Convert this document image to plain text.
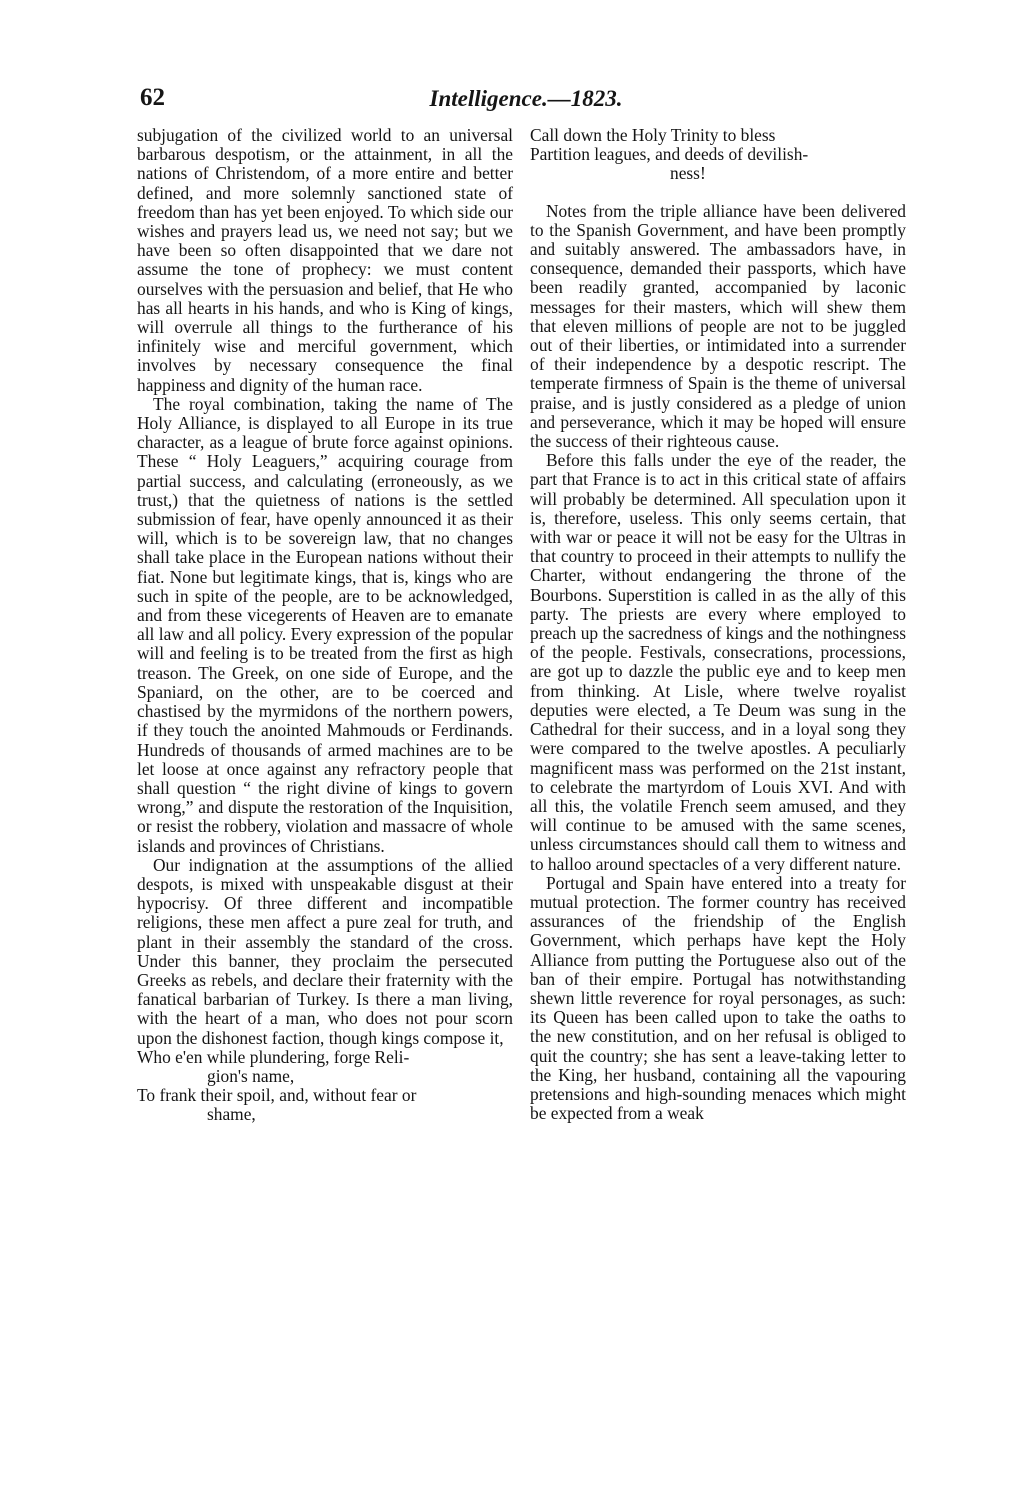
62	Intelligence.—1823.

subjugation of the civilized world to an universal barbarous despotism, or the attainment, in all the nations of Christendom, of a more entire and better defined, and more solemnly sanctioned state of freedom than has yet been enjoyed. To which side our wishes and prayers lead us, we need not say; but we have been so often disappointed that we dare not assume the tone of prophecy: we must content ourselves with the persuasion and belief, that He who has all hearts in his hands, and who is King of kings, will overrule all things to the furtherance of his infinitely wise and merciful government, which involves by necessary consequence the final happiness and dignity of the human race.

The royal combination, taking the name of The Holy Alliance, is displayed to all Europe in its true character, as a league of brute force against opinions. These “ Holy Leaguers,” acquiring courage from partial success, and calculating (erroneously, as we trust,) that the quietness of nations is the settled submission of fear, have openly announced it as their will, which is to be sovereign law, that no changes shall take place in the European nations without their fiat. None but legitimate kings, that is, kings who are such in spite of the people, are to be acknowledged, and from these vicegerents of Heaven are to emanate all law and all policy. Every expression of the popular will and feeling is to be treated from the first as high treason. The Greek, on one side of Europe, and the Spaniard, on the other, are to be coerced and chastised by the myrmidons of the northern powers, if they touch the anointed Mahmouds or Ferdinands. Hundreds of thousands of armed machines are to be let loose at once against any refractory people that shall question “ the right divine of kings to govern wrong,” and dispute the restoration of the Inquisition, or resist the robbery, violation and massacre of whole islands and provinces of Christians.

Our indignation at the assumptions of the allied despots, is mixed with unspeakable disgust at their hypocrisy. Of three different and incompatible religions, these men affect a pure zeal for truth, and plant in their assembly the standard of the cross. Under this banner, they proclaim the persecuted Greeks as rebels, and declare their fraternity with the fanatical barbarian of Turkey. Is there a man living, with the heart of a man, who does not pour scorn upon the dishonest faction, though kings compose it,

Who e'en while plundering, forge Reli-
gion's name,
To frank their spoil, and, without fear or
shame,
Call down the Holy Trinity to bless
Partition leagues, and deeds of devilish-
ness!

Notes from the triple alliance have been delivered to the Spanish Government, and have been promptly and suitably answered. The ambassadors have, in consequence, demanded their passports, which have been readily granted, accompanied by laconic messages for their masters, which will shew them that eleven millions of people are not to be juggled out of their liberties, or intimidated into a surrender of their independence by a despotic rescript. The temperate firmness of Spain is the theme of universal praise, and is justly considered as a pledge of union and perseverance, which it may be hoped will ensure the success of their righteous cause.

Before this falls under the eye of the reader, the part that France is to act in this critical state of affairs will probably be determined. All speculation upon it is, therefore, useless. This only seems certain, that with war or peace it will not be easy for the Ultras in that country to proceed in their attempts to nullify the Charter, without endangering the throne of the Bourbons. Superstition is called in as the ally of this party. The priests are every where employed to preach up the sacredness of kings and the nothingness of the people. Festivals, consecrations, processions, are got up to dazzle the public eye and to keep men from thinking. At Lisle, where twelve royalist deputies were elected, a Te Deum was sung in the Cathedral for their success, and in a loyal song they were compared to the twelve apostles. A peculiarly magnificent mass was performed on the 21st instant, to celebrate the martyrdom of Louis XVI. And with all this, the volatile French seem amused, and they will continue to be amused with the same scenes, unless circumstances should call them to witness and to halloo around spectacles of a very different nature.

Portugal and Spain have entered into a treaty for mutual protection. The former country has received assurances of the friendship of the English Government, which perhaps have kept the Holy Alliance from putting the Portuguese also out of the ban of their empire. Portugal has notwithstanding shewn little reverence for royal personages, as such: its Queen has been called upon to take the oaths to the new constitution, and on her refusal is obliged to quit the country; she has sent a leave-taking letter to the King, her husband, containing all the vapouring pretensions and high-sounding menaces which might be expected from a weak
